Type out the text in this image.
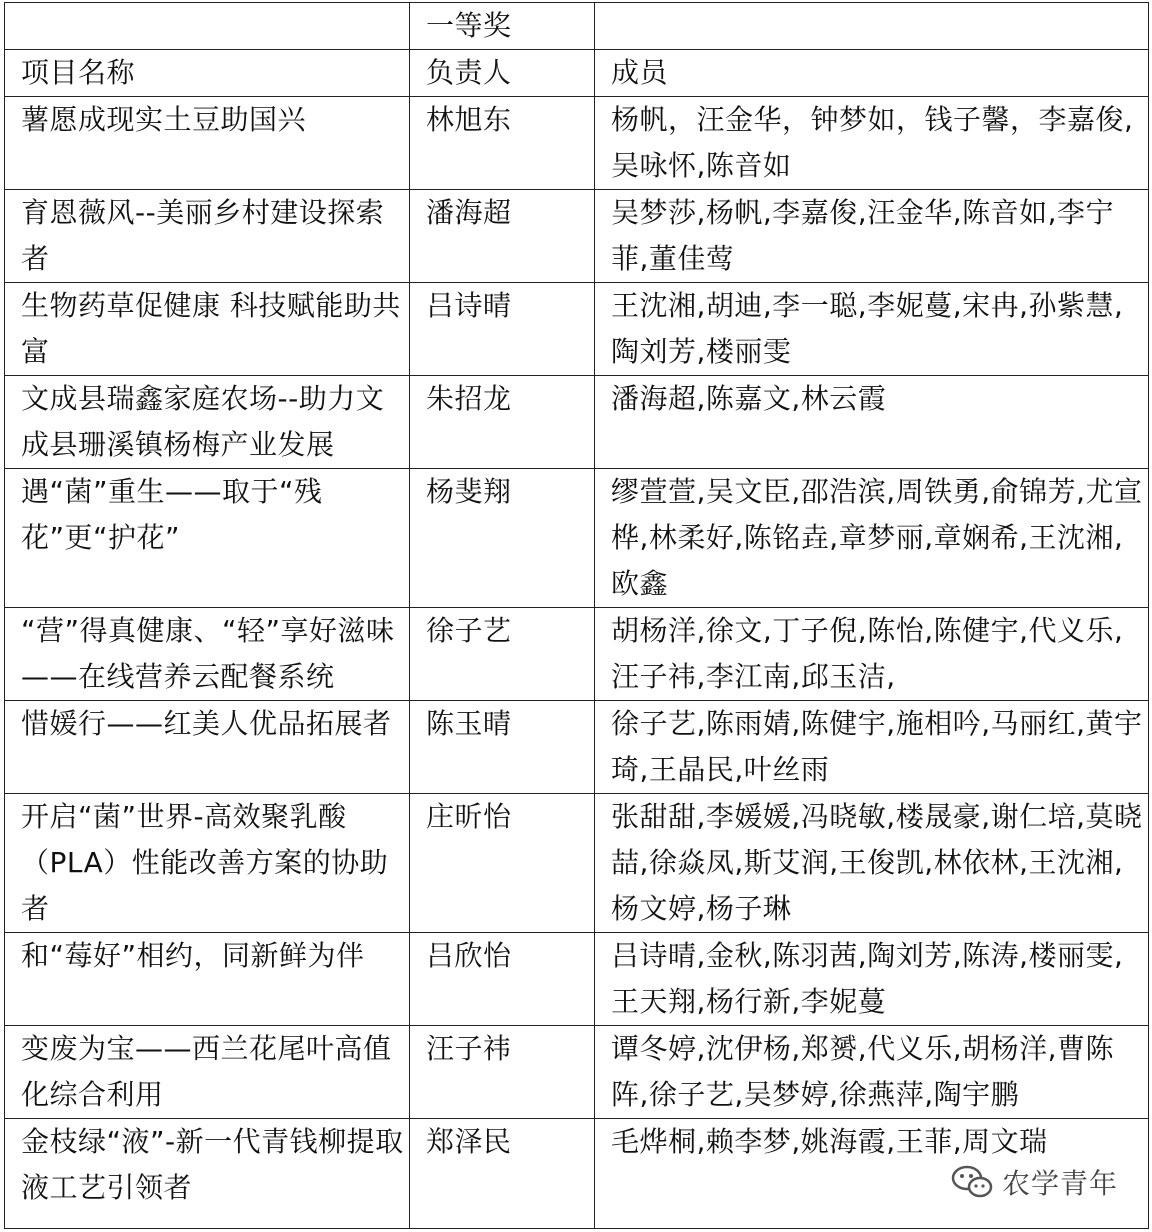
	一等奖	
项目名称	负责人	成员
薯愿成现实土豆助国兴	林旭东	杨帆，汪金华，钟梦如，钱子馨，李嘉俊,吴咏怀,陈音如
育恩薇风--美丽乡村建设探索者	潘海超	吴梦莎,杨帆,李嘉俊,汪金华,陈音如,李宁菲,董佳莺
生物药草促健康 科技赋能助共富	吕诗晴	王沈湘,胡迪,李一聪,李妮蔓,宋冉,孙紫慧,陶刘芳,楼丽雯
文成县瑞鑫家庭农场--助力文成县珊溪镇杨梅产业发展	朱招龙	潘海超,陈嘉文,林云霞
遇“菌”重生——取于“残花”更“护花”	杨斐翔	缪萱萱,吴文臣,邵浩滨,周铁勇,俞锦芳,尤宣桦,林柔好,陈铭垚,章梦丽,章娴希,王沈湘,欧鑫
“营”得真健康、“轻”享好滋味——在线营养云配餐系统	徐子艺	胡杨洋,徐文,丁子倪,陈怡,陈健宇,代义乐,汪子祎,李江南,邱玉洁,
惜媛行——红美人优品拓展者	陈玉晴	徐子艺,陈雨婧,陈健宇,施相吟,马丽红,黄宇琦,王晶民,叶丝雨
开启“菌”世界-高效聚乳酸（PLA）性能改善方案的协助者	庄昕怡	张甜甜,李媛媛,冯晓敏,楼晟豪,谢仁培,莫晓喆,徐焱凤,斯艾润,王俊凯,林依林,王沈湘,杨文婷,杨子琳
和“莓好”相约，同新鲜为伴	吕欣怡	吕诗晴,金秋,陈羽茜,陶刘芳,陈涛,楼丽雯,王天翔,杨行新,李妮蔓
变废为宝——西兰花尾叶高值化综合利用	汪子祎	谭冬婷,沈伊杨,郑赟,代义乐,胡杨洋,曹陈阵,徐子艺,吴梦婷,徐燕萍,陶宇鹏
金枝绿“液”-新一代青钱柳提取液工艺引领者	郑泽民	毛烨桐,赖李梦,姚海霞,王菲,周文瑞
农学青年
